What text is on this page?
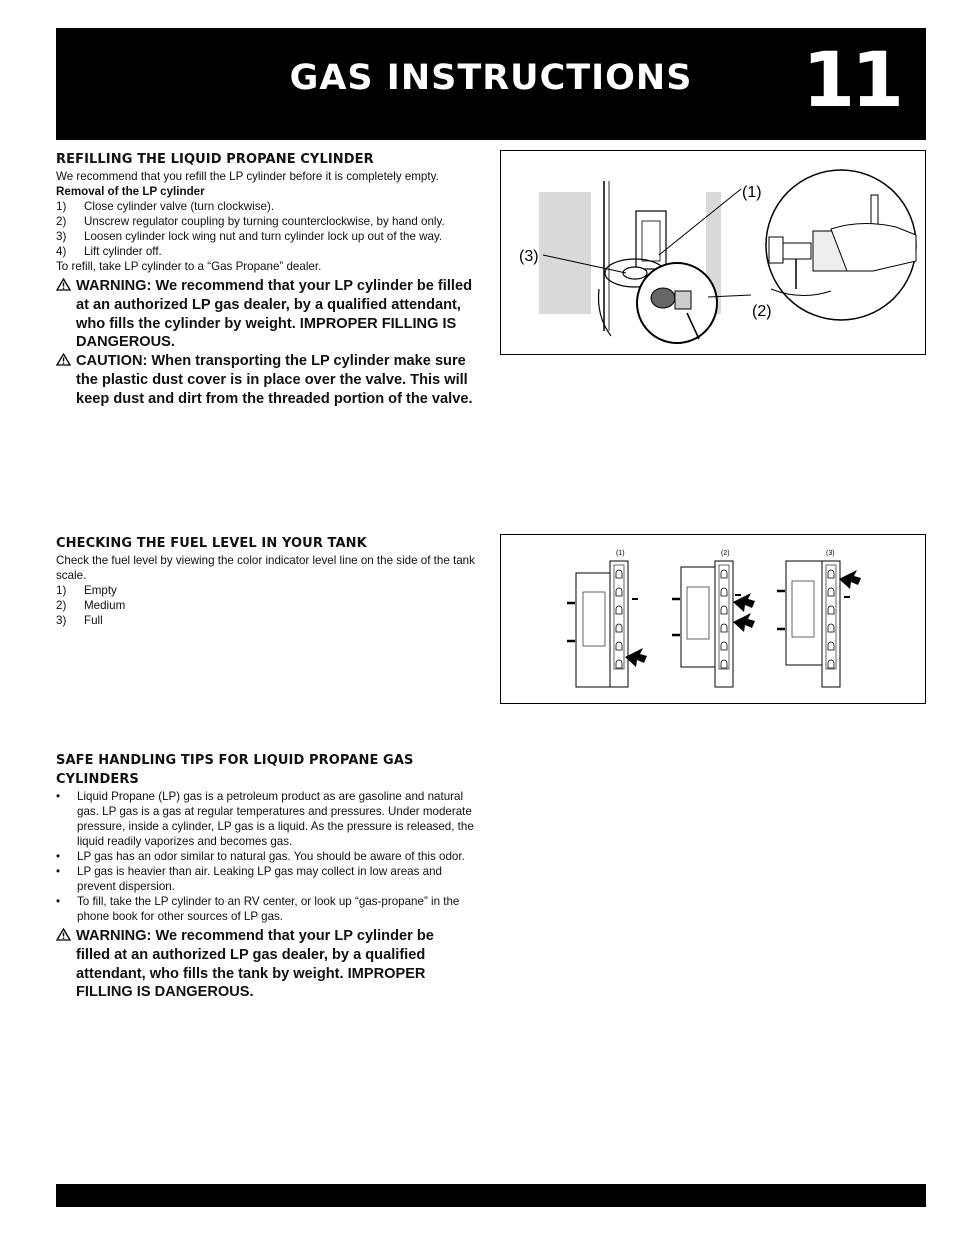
GAS INSTRUCTIONS	11
REFILLING THE LIQUID PROPANE CYLINDER
We recommend that you refill the LP cylinder before it is completely empty.
Removal of the LP cylinder
1)	Close cylinder valve (turn clockwise).
2)	Unscrew regulator coupling by turning counterclockwise, by hand only.
3)	Loosen cylinder lock wing nut and turn cylinder lock up out of the way.
4)	Lift cylinder off.
To refill, take LP cylinder to a “Gas Propane” dealer.
WARNING: We recommend that your LP cylinder be filled at an authorized LP gas dealer, by a qualified attendant, who fills the cylinder by weight. IMPROPER FILLING IS DANGEROUS.
CAUTION: When transporting the LP cylinder make sure the plastic dust cover is in place over the valve. This will keep dust and dirt from the threaded portion of the valve.
(1)
(2)
(3)
CHECKING THE FUEL LEVEL IN YOUR TANK
Check the fuel level by viewing the color indicator level line on the side of the tank scale.
1)	Empty
2)	Medium
3)	Full
(1)	(2)	(3)
SAFE HANDLING TIPS FOR LIQUID PROPANE GAS CYLINDERS
•	Liquid Propane (LP) gas is a petroleum product as are gasoline and natural gas. LP gas is a gas at regular temperatures and pressures. Under moderate pressure, inside a cylinder, LP gas is a liquid. As the pressure is released, the liquid readily vaporizes and becomes gas.
•	LP gas has an odor similar to natural gas. You should be aware of this odor.
•	LP gas is heavier than air. Leaking LP gas may collect in low areas and prevent dispersion.
•	To fill, take the LP cylinder to an RV center, or look up “gas-propane” in the phone book for other sources of LP gas.
WARNING: We recommend that your LP cylinder be filled at an authorized LP gas dealer, by a qualified attendant, who fills the tank by weight. IMPROPER FILLING IS DANGEROUS.
